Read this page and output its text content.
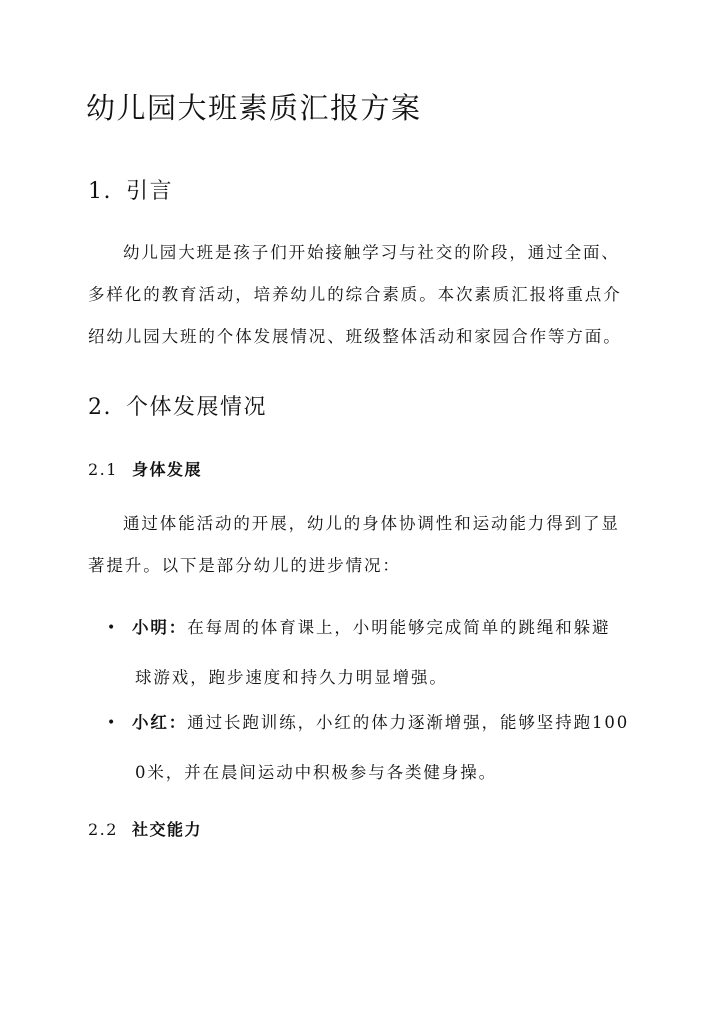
幼儿园大班素质汇报方案
1. 引言

幼儿园大班是孩子们开始接触学习与社交的阶段，通过全面、
多样化的教育活动，培养幼儿的综合素质。本次素质汇报将重点介
绍幼儿园大班的个体发展情况、班级整体活动和家园合作等方面。

2. 个体发展情况
2.1 身体发展

通过体能活动的开展，幼儿的身体协调性和运动能力得到了显
著提升。以下是部分幼儿的进步情况：

• 小明：在每周的体育课上，小明能够完成简单的跳绳和躲避
球游戏，跑步速度和持久力明显增强。
• 小红：通过长跑训练，小红的体力逐渐增强，能够坚持跑100
0米，并在晨间运动中积极参与各类健身操。
2.2 社交能力
